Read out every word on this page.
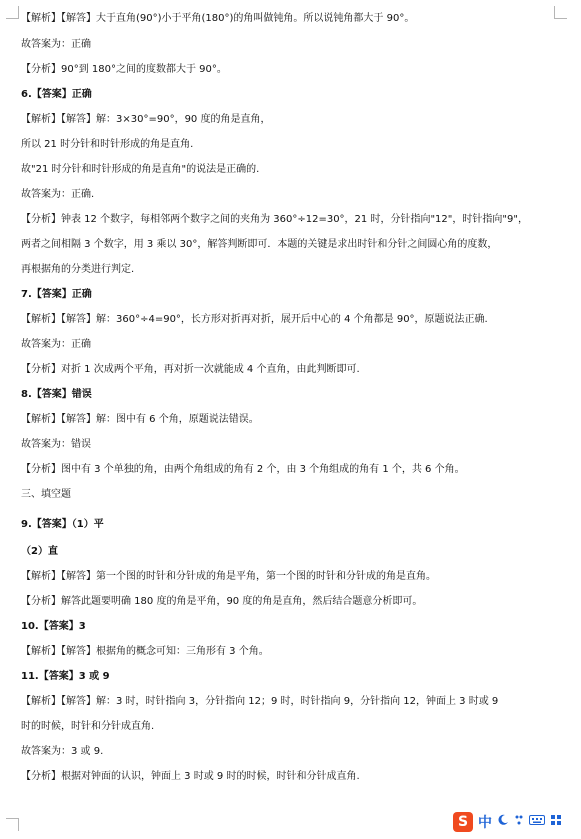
【解析】【解答】大于直角(90°)小于平角(180°)的角叫做钝角。所以说钝角都大于 90°。
故答案为：正确
【分析】90°到 180°之间的度数都大于 90°。
6.【答案】正确
【解析】【解答】解：3×30°=90°，90 度的角是直角，
所以 21 时分针和时针形成的角是直角.
故"21 时分针和时针形成的角是直角"的说法是正确的.
故答案为：正确.
【分析】钟表 12 个数字，每相邻两个数字之间的夹角为 360°÷12=30°，21 时，分针指向"12"，时针指向"9"，
两者之间相隔 3 个数字，用 3 乘以 30°，解答判断即可．本题的关键是求出时针和分针之间圆心角的度数，
再根据角的分类进行判定.
7.【答案】正确
【解析】【解答】解：360°÷4=90°，长方形对折再对折，展开后中心的 4 个角都是 90°，原题说法正确.
故答案为：正确
【分析】对折 1 次成两个平角，再对折一次就能成 4 个直角，由此判断即可.
8.【答案】错误
【解析】【解答】解：图中有 6 个角，原题说法错误。
故答案为：错误
【分析】图中有 3 个单独的角，由两个角组成的角有 2 个，由 3 个角组成的角有 1 个，共 6 个角。
三、填空题
9.【答案】（1）平
（2）直
【解析】【解答】第一个图的时针和分针成的角是平角，第一个图的时针和分针成的角是直角。
【分析】解答此题要明确 180 度的角是平角，90 度的角是直角，然后结合题意分析即可。
10.【答案】3
【解析】【解答】根据角的概念可知：三角形有 3 个角。
11.【答案】3 或 9
【解析】【解答】解：3 时，时针指向 3，分针指向 12；9 时，时针指向 9，分针指向 12，钟面上 3 时或 9
时的时候，时针和分针成直角.
故答案为：3 或 9.
【分析】根据对钟面的认识，钟面上 3 时或 9 时的时候，时针和分针成直角.
S 中
